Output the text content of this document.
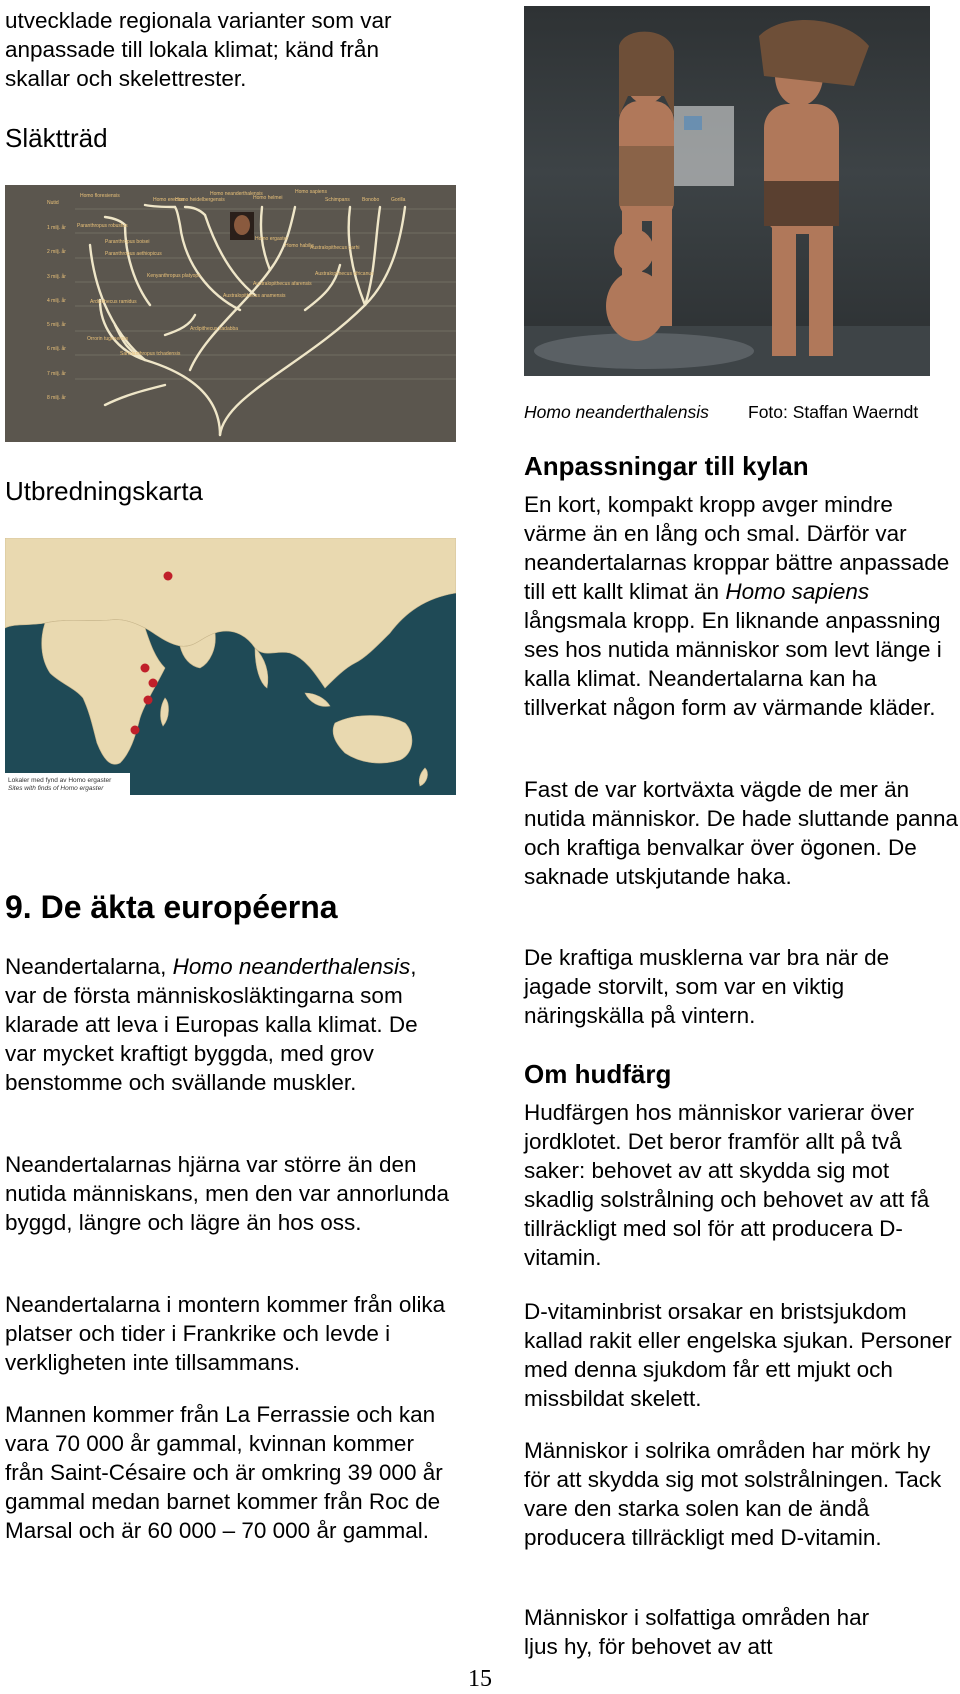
utvecklade regionala varianter som var anpassade till lokala klimat; känd från skallar och skelettrester.

Släktträd

Nutid
1 milj. år
2 milj. år
3 milj. år
4 milj. år
5 milj. år
6 milj. år
7 milj. år
8 milj. år
Homo floresiensis
Homo erectus
Homo heidelbergensis
Homo neanderthalensis
Homo helmei
Homo sapiens
Schimpans Bonobo Gorilla
Paranthropus robustus
Paranthropus boisei
Paranthropus aethiopicus
Homo ergaster
Homo habilis
Australopithecus garhi
Australopithecus africanus
Australopithecus afarensis
Australopithecus anamensis
Kenyanthropus platyops
Ardipithecus ramidus
Ardipithecus kadabba
Orrorin tugenensis
Sahelanthropus tchadensis

Utbredningskarta

Lokaler med fynd av Homo ergaster
Sites with finds of Homo ergaster

9. De äkta européerna

Neandertalarna, Homo neanderthalensis, var de första människosläktingarna som klarade att leva i Europas kalla klimat. De var mycket kraftigt byggda, med grov benstomme och svällande muskler.

Neandertalarnas hjärna var större än den nutida människans, men den var annorlunda byggd, längre och lägre än hos oss.

Neandertalarna i montern kommer från olika platser och tider i Frankrike och levde i verkligheten inte tillsammans.

Mannen kommer från La Ferrassie och kan vara 70 000 år gammal, kvinnan kommer från Saint-Césaire och är omkring 39 000 år gammal medan barnet kommer från Roc de Marsal och är 60 000 – 70 000 år gammal.

Homo neanderthalensis Foto: Staffan Waerndt

Anpassningar till kylan

En kort, kompakt kropp avger mindre värme än en lång och smal. Därför var neandertalarnas kroppar bättre anpassade till ett kallt klimat än Homo sapiens långsmala kropp. En liknande anpassning ses hos nutida människor som levt länge i kalla klimat. Neandertalarna kan ha tillverkat någon form av värmande kläder.

Fast de var kortväxta vägde de mer än nutida människor. De hade sluttande panna och kraftiga benvalkar över ögonen. De saknade utskjutande haka.

De kraftiga musklerna var bra när de jagade storvilt, som var en viktig näringskälla på vintern.

Om hudfärg

Hudfärgen hos människor varierar över jordklotet. Det beror framför allt på två saker: behovet av att skydda sig mot skadlig solstrålning och behovet av att få tillräckligt med sol för att producera D-vitamin.

D-vitaminbrist orsakar en bristsjukdom kallad rakit eller engelska sjukan. Personer med denna sjukdom får ett mjukt och missbildat skelett.

Människor i solrika områden har mörk hy för att skydda sig mot solstrålningen. Tack vare den starka solen kan de ändå producera tillräckligt med D-vitamin.

Människor i solfattiga områden har ljus hy, för behovet av att

15
